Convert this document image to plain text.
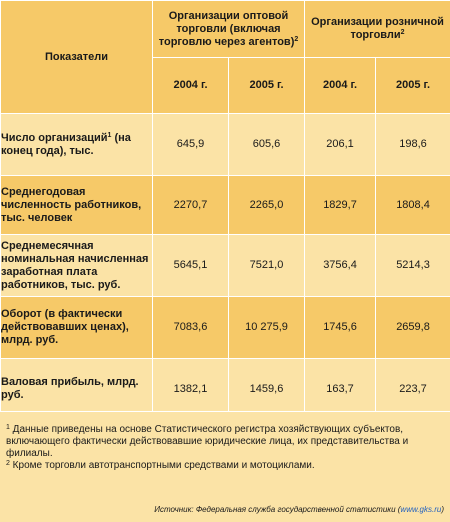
Показатели	Организации оптовой торговли (включая торговлю через агентов)$^2$		Организации розничной торговли$^2$

	2004 г.	2005 г.	2004 г.	2005 г.
Число организаций$^1$ (на конец года), тыс.	645,9	605,6	206,1	198,6
Среднегодовая численность работников, тыс. человек	2270,7	2265,0	1829,7	1808,4
Среднемесячная номинальная начисленная заработная плата работников, тыс. руб.	5645,1	7521,0	3756,4	5214,3
Оборот (в фактически действовавших ценах), млрд. руб.	7083,6	10 275,9	1745,6	2659,8
Валовая прибыль, млрд. руб.	1382,1	1459,6	163,7	223,7

$^1$ Данные приведены на основе Статистического регистра хозяйствующих субъектов, включающего фактически действовавшие юридические лица, их представительства и филиалы.

$^2$ Кроме торговли автотранспортными средствами и мотоциклами.

Источник: Федеральная служба государственной статистики (www.gks.ru)
